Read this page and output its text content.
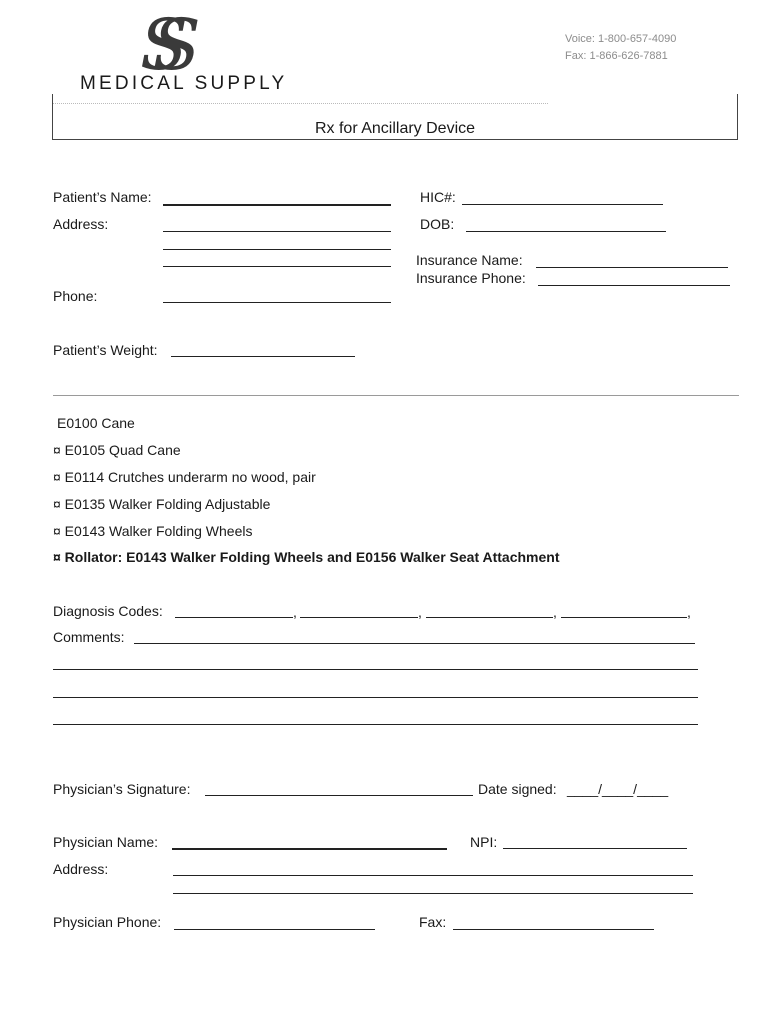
SS
MEDICAL SUPPLY
Voice: 1-800-657-4090
Fax: 1-866-626-7881
Rx for Ancillary Device
Patient’s Name:
Address:
Phone:
HIC#:
DOB:
Insurance Name:
Insurance Phone:
Patient’s Weight:
E0100 Cane
¤ E0105 Quad Cane
¤ E0114 Crutches underarm no wood, pair
¤ E0135 Walker Folding Adjustable
¤ E0143 Walker Folding Wheels
¤ Rollator: E0143 Walker Folding Wheels and E0156 Walker Seat Attachment
Diagnosis Codes:	,	,	,	,
Comments:
Physician’s Signature:	Date signed: ____/____/____
Physician Name:	NPI:
Address:
Physician Phone:	Fax:
